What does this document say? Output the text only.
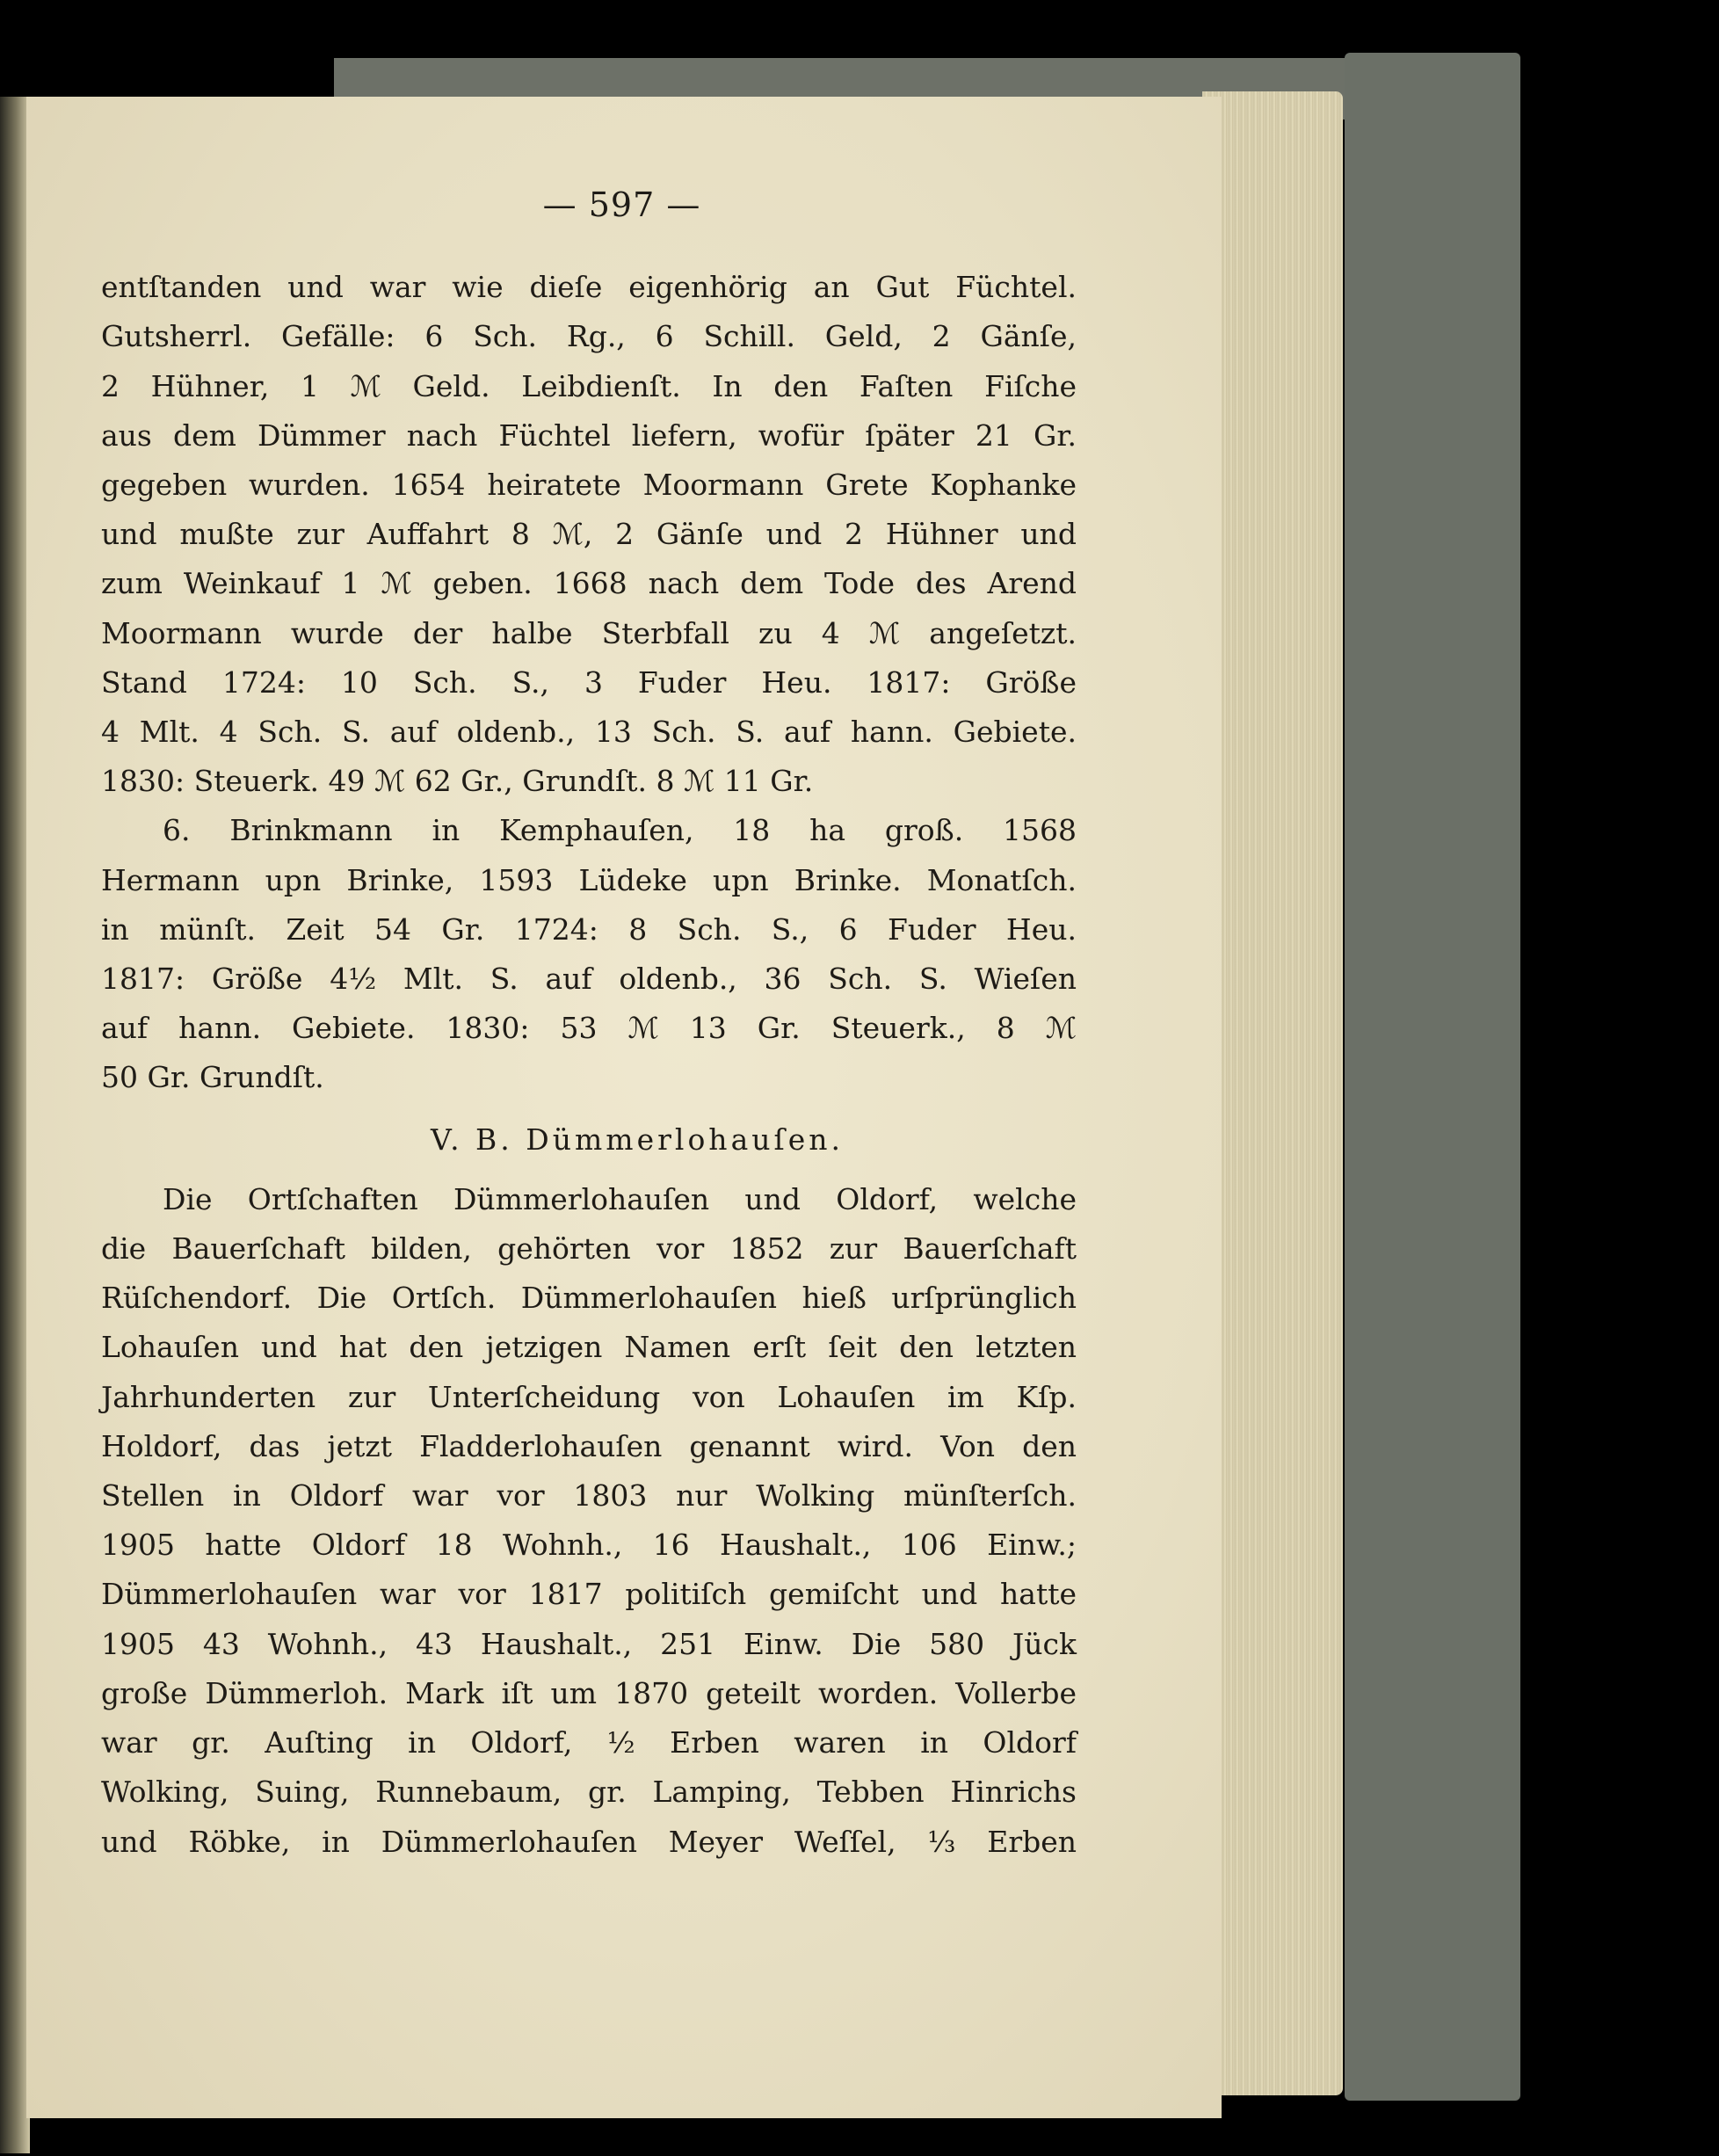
— 597 —
entſtanden und war wie dieſe eigenhörig an Gut Füchtel.
Gutsherrl. Gefälle: 6 Sch. Rg., 6 Schill. Geld, 2 Gänſe,
2 Hühner, 1 ℳ Geld. Leibdienſt. In den Faſten Fiſche
aus dem Dümmer nach Füchtel liefern, wofür ſpäter 21 Gr.
gegeben wurden. 1654 heiratete Moormann Grete Kophanke
und mußte zur Auffahrt 8 ℳ, 2 Gänſe und 2 Hühner und
zum Weinkauf 1 ℳ geben. 1668 nach dem Tode des Arend
Moormann wurde der halbe Sterbfall zu 4 ℳ angeſetzt.
Stand 1724: 10 Sch. S., 3 Fuder Heu. 1817: Größe
4 Mlt. 4 Sch. S. auf oldenb., 13 Sch. S. auf hann. Gebiete.
1830: Steuerk. 49 ℳ 62 Gr., Grundſt. 8 ℳ 11 Gr.
6. Brinkmann in Kemphauſen, 18 ha groß. 1568
Hermann upn Brinke, 1593 Lüdeke upn Brinke. Monatſch.
in münſt. Zeit 54 Gr. 1724: 8 Sch. S., 6 Fuder Heu.
1817: Größe 4½ Mlt. S. auf oldenb., 36 Sch. S. Wieſen
auf hann. Gebiete. 1830: 53 ℳ 13 Gr. Steuerk., 8 ℳ
50 Gr. Grundſt.
V. B. Dümmerlohauſen.
Die Ortſchaften Dümmerlohauſen und Oldorf, welche
die Bauerſchaft bilden, gehörten vor 1852 zur Bauerſchaft
Rüſchendorf. Die Ortſch. Dümmerlohauſen hieß urſprünglich
Lohauſen und hat den jetzigen Namen erſt ſeit den letzten
Jahrhunderten zur Unterſcheidung von Lohauſen im Kſp.
Holdorf, das jetzt Fladderlohauſen genannt wird. Von den
Stellen in Oldorf war vor 1803 nur Wolking münſterſch.
1905 hatte Oldorf 18 Wohnh., 16 Haushalt., 106 Einw.;
Dümmerlohauſen war vor 1817 politiſch gemiſcht und hatte
1905 43 Wohnh., 43 Haushalt., 251 Einw. Die 580 Jück
große Dümmerloh. Mark iſt um 1870 geteilt worden. Vollerbe
war gr. Auſting in Oldorf, ½ Erben waren in Oldorf
Wolking, Suing, Runnebaum, gr. Lamping, Tebben Hinrichs
und Röbke, in Dümmerlohauſen Meyer Weſſel, ⅓ Erben
